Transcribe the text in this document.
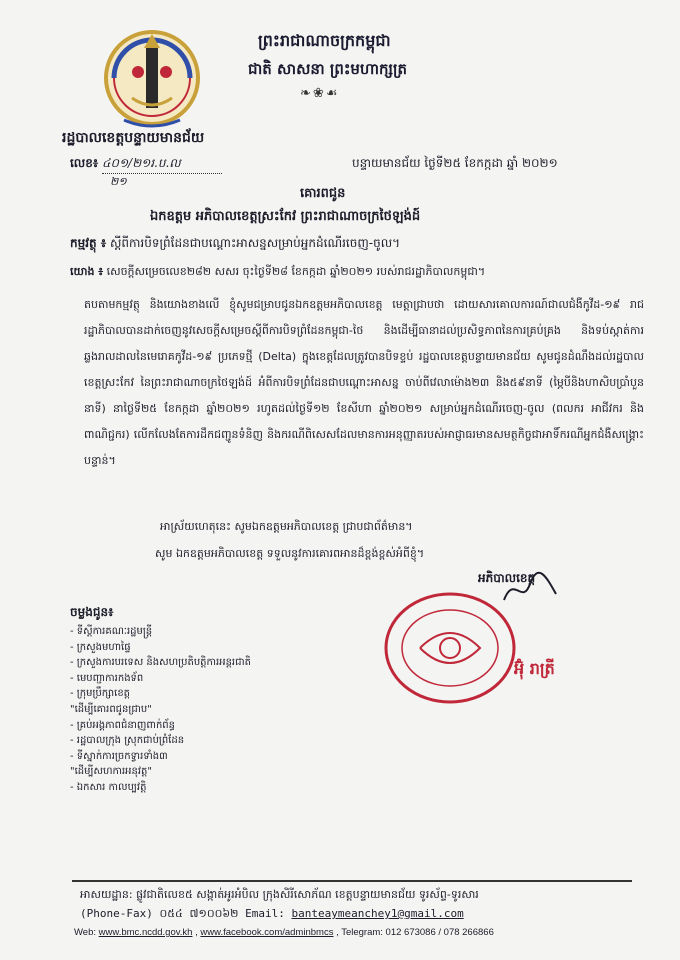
ព្រះរាជាណាចក្រកម្ពុជា
ជាតិ សាសនា ព្រះមហាក្សត្រ
❧❀☙
រដ្ឋបាលខេត្តបន្ទាយមានជ័យ
លេខ៖ ៤០១/២១រ.ប.ល
២១
បន្ទាយមានជ័យ ថ្ងៃទី២៥ ខែកក្កដា ឆ្នាំ ២០២១
គោរពជូន
ឯកឧត្តម អភិបាលខេត្តស្រះកែវ ព្រះរាជាណាចក្រថៃឡង់ដ៍
កម្មវត្ថុ ៖ ស្ដីពីការបិទព្រំដែនជាបណ្ដោះអាសន្នសម្រាប់អ្នកដំណើរចេញ-ចូល។
យោង ៖ សេចក្ដីសម្រេចលេខ២៨២ សសរ ចុះថ្ងៃទី២៨ ខែកក្កដា ឆ្នាំ២០២១ របស់រាជរដ្ឋាភិបាលកម្ពុជា។
តបតាមកម្មវត្ថុ និងយោងខាងលើ ខ្ញុំសូមជម្រាបជូនឯកឧត្តមអភិបាលខេត្ត មេត្តាជ្រាបថា ដោយសារគោលការណ៍ជាលជំងឺកូវីដ-១៩ រាជរដ្ឋាភិបាលបានដាក់ចេញនូវសេចក្ដីសម្រេចស្ដីពីការបិទព្រំដែនកម្ពុជា-ថៃ និងដើម្បីធានាដល់ប្រសិទ្ធភាពនៃការគ្រប់គ្រង និងទប់ស្កាត់ការឆ្លងរាលដាលនៃមេរោគកូវីដ-១៩ ប្រភេទថ្មី (Delta) ក្នុងខេត្តដែលត្រូវបានបិទខ្ទប់ រដ្ឋបាលខេត្តបន្ទាយមានជ័យ សូមជូនដំណឹងដល់រដ្ឋបាលខេត្តស្រះកែវ នៃព្រះរាជាណាចក្រថៃឡង់ដ៍ អំពីការបិទព្រំដែនជាបណ្ដោះអាសន្ន ចាប់ពីវេលាម៉ោង២៣ និង៥៩នាទី (ម្ភៃបីនិងហាសិបប្រាំបួននាទី) នាថ្ងៃទី២៥ ខែកក្កដា ឆ្នាំ២០២១ រហូតដល់ថ្ងៃទី១២ ខែសីហា ឆ្នាំ២០២១ សម្រាប់អ្នកដំណើរចេញ-ចូល (ពលករ អាជីវករ និងពាណិជ្ជករ) លើកលែងតែការដឹកជញ្ជូនទំនិញ និងករណីពិសេសដែលមានការអនុញ្ញាតរបស់អាជ្ញាធរមានសមត្ថកិច្ចជាអាទិ៍ករណីអ្នកជំងឺសង្គ្រោះបន្ទាន់។
អាស្រ័យហេតុនេះ សូមឯកឧត្តមអភិបាលខេត្ត ជ្រាបជាព័ត៌មាន។
សូម ឯកឧត្តមអភិបាលខេត្ត ទទួលនូវការគោរពអានដ៏ខ្ពង់ខ្ពស់អំពីខ្ញុំ។
អភិបាលខេត្ត
អ៊ុំ រាត្រី
ចម្លងជូន៖
- ទីស្ដីការគណៈរដ្ឋមន្ត្រី
- ក្រសួងមហាផ្ទៃ
- ក្រសួងការបរទេស និងសហប្រតិបត្តិការអន្តរជាតិ
- មេបញ្ជាការកងទ័ព
- ក្រុមប្រឹក្សាខេត្ត
"ដើម្បីគោរពជូនជ្រាប"
- គ្រប់អង្គភាពជំនាញពាក់ព័ន្ធ
- រដ្ឋបាលក្រុង ស្រុកជាប់ព្រំដែន
- ទីស្នាក់ការច្រកទ្វារទាំង៣
"ដើម្បីសហការអនុវត្ត"
- ឯកសារ កាលប្បវត្តិ
អាសយដ្ឋាន: ផ្លូវជាតិលេខ៥ សង្កាត់អូរអំបិល ក្រុងសិរីសោភ័ណ ខេត្តបន្ទាយមានជ័យ ទូរស័ព្ទ-ទូរសារ
(Phone-Fax) ០៥៤ ៧១០០៦២ Email: banteaymeanchey1@gmail.com
Web: www.bmc.ncdd.gov.kh , www.facebook.com/adminbmcs , Telegram: 012 673086 / 078 266866
